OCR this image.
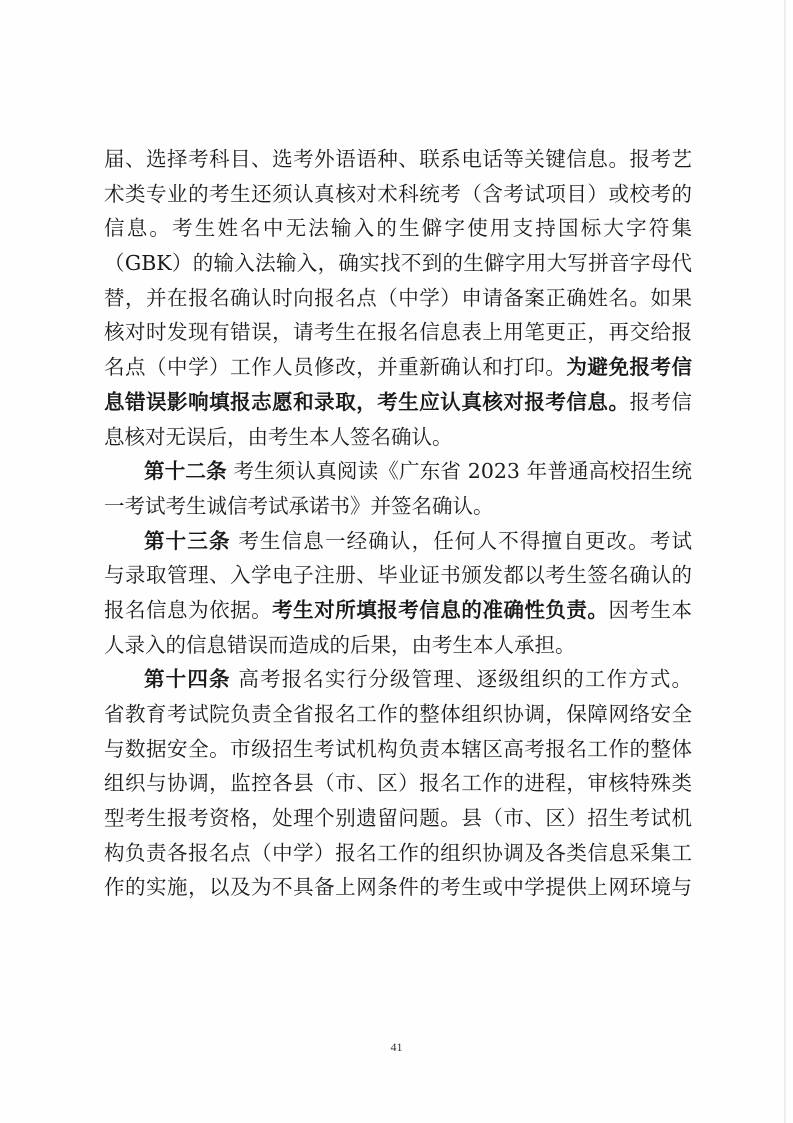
届、选择考科目、选考外语语种、联系电话等关键信息。报考艺
术类专业的考生还须认真核对术科统考（含考试项目）或校考的
信息。考生姓名中无法输入的生僻字使用支持国标大字符集
（GBK）的输入法输入，确实找不到的生僻字用大写拼音字母代
替，并在报名确认时向报名点（中学）申请备案正确姓名。如果
核对时发现有错误，请考生在报名信息表上用笔更正，再交给报
名点（中学）工作人员修改，并重新确认和打印。为避免报考信
息错误影响填报志愿和录取，考生应认真核对报考信息。报考信
息核对无误后，由考生本人签名确认。
第十二条 考生须认真阅读《广东省 2023 年普通高校招生统
一考试考生诚信考试承诺书》并签名确认。
第十三条 考生信息一经确认，任何人不得擅自更改。考试
与录取管理、入学电子注册、毕业证书颁发都以考生签名确认的
报名信息为依据。考生对所填报考信息的准确性负责。因考生本
人录入的信息错误而造成的后果，由考生本人承担。
第十四条 高考报名实行分级管理、逐级组织的工作方式。
省教育考试院负责全省报名工作的整体组织协调，保障网络安全
与数据安全。市级招生考试机构负责本辖区高考报名工作的整体
组织与协调，监控各县（市、区）报名工作的进程，审核特殊类
型考生报考资格，处理个别遗留问题。县（市、区）招生考试机
构负责各报名点（中学）报名工作的组织协调及各类信息采集工
作的实施，以及为不具备上网条件的考生或中学提供上网环境与
41
